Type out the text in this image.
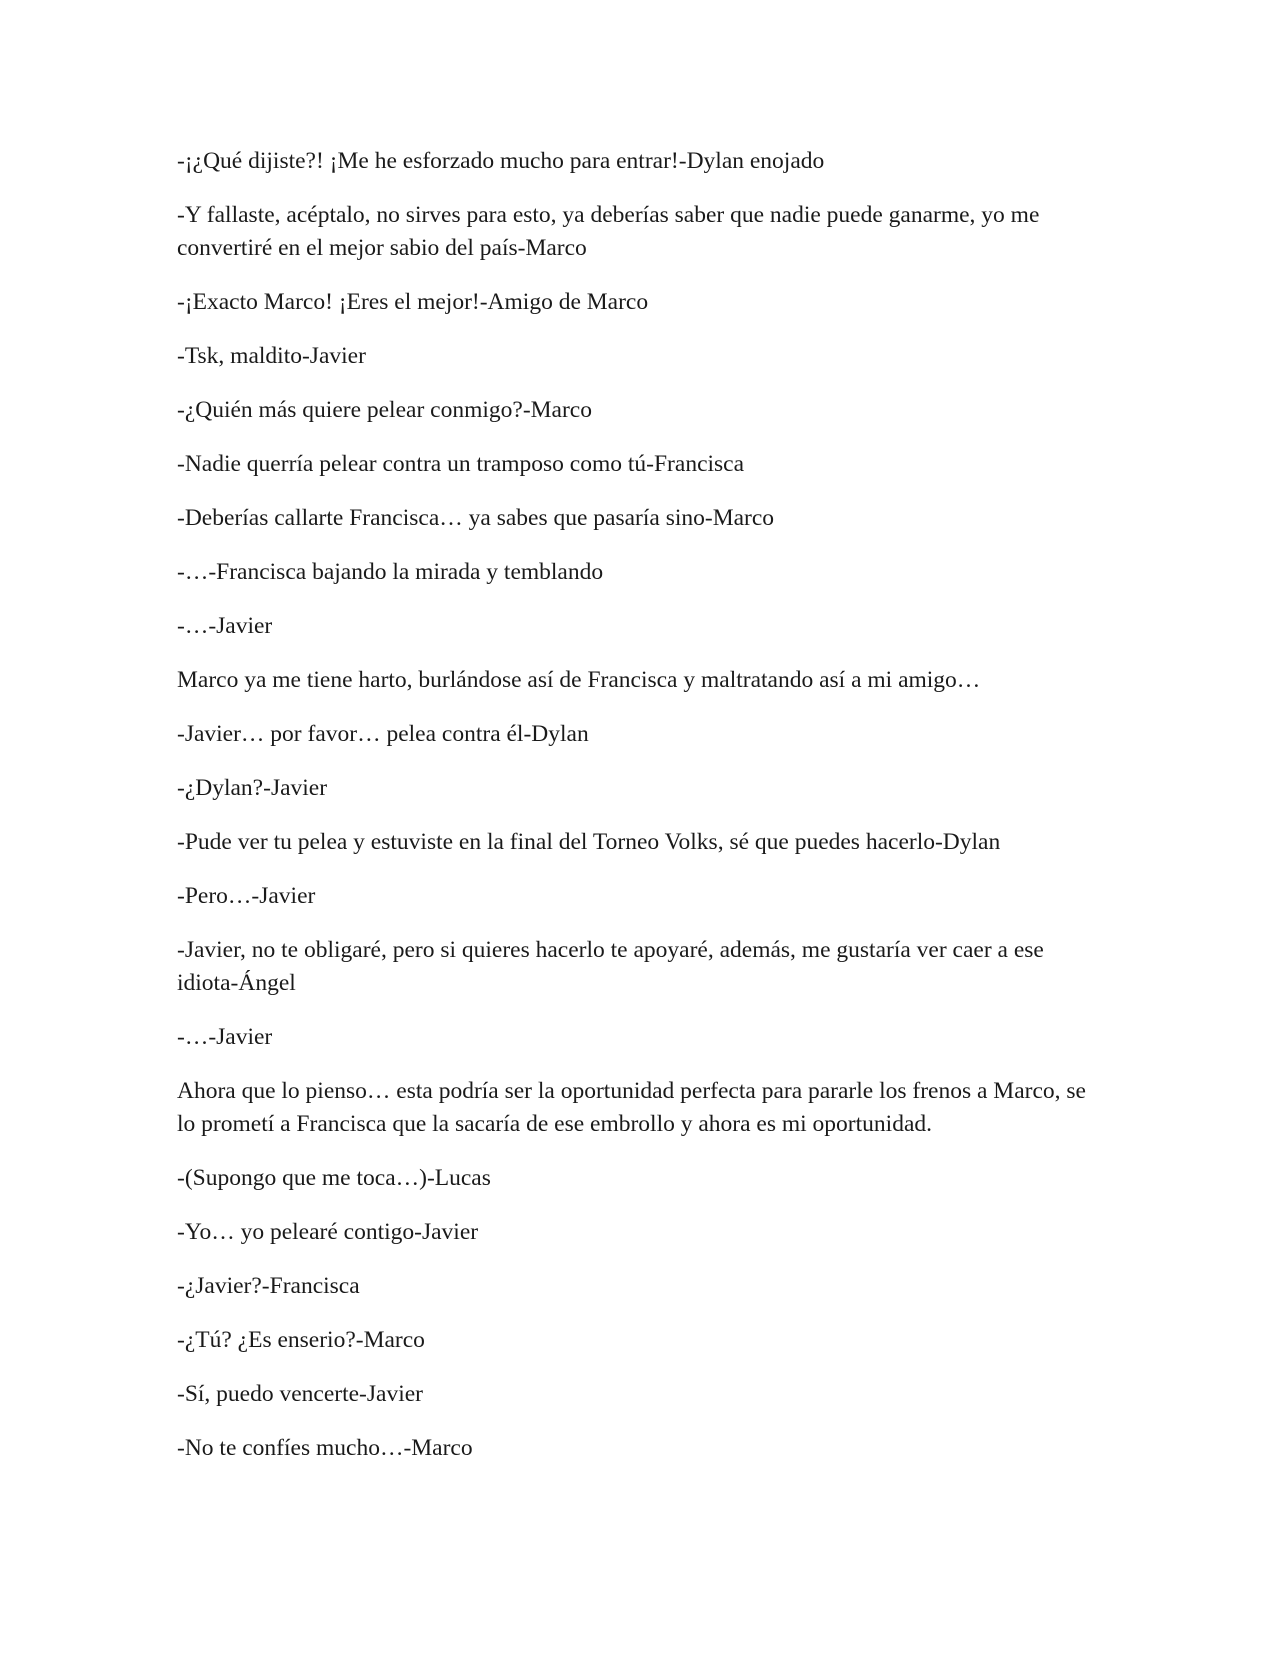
-¡¿Qué dijiste?! ¡Me he esforzado mucho para entrar!-Dylan enojado

-Y fallaste, acéptalo, no sirves para esto, ya deberías saber que nadie puede ganarme, yo me convertiré en el mejor sabio del país-Marco

-¡Exacto Marco! ¡Eres el mejor!-Amigo de Marco

-Tsk, maldito-Javier

-¿Quién más quiere pelear conmigo?-Marco

-Nadie querría pelear contra un tramposo como tú-Francisca

-Deberías callarte Francisca… ya sabes que pasaría sino-Marco

-…-Francisca bajando la mirada y temblando

-…-Javier

Marco ya me tiene harto, burlándose así de Francisca y maltratando así a mi amigo…

-Javier… por favor… pelea contra él-Dylan

-¿Dylan?-Javier

-Pude ver tu pelea y estuviste en la final del Torneo Volks, sé que puedes hacerlo-Dylan

-Pero…-Javier

-Javier, no te obligaré, pero si quieres hacerlo te apoyaré, además, me gustaría ver caer a ese idiota-Ángel

-…-Javier

Ahora que lo pienso… esta podría ser la oportunidad perfecta para pararle los frenos a Marco, se lo prometí a Francisca que la sacaría de ese embrollo y ahora es mi oportunidad.

-(Supongo que me toca…)-Lucas

-Yo… yo pelearé contigo-Javier

-¿Javier?-Francisca

-¿Tú? ¿Es enserio?-Marco

-Sí, puedo vencerte-Javier

-No te confíes mucho…-Marco
